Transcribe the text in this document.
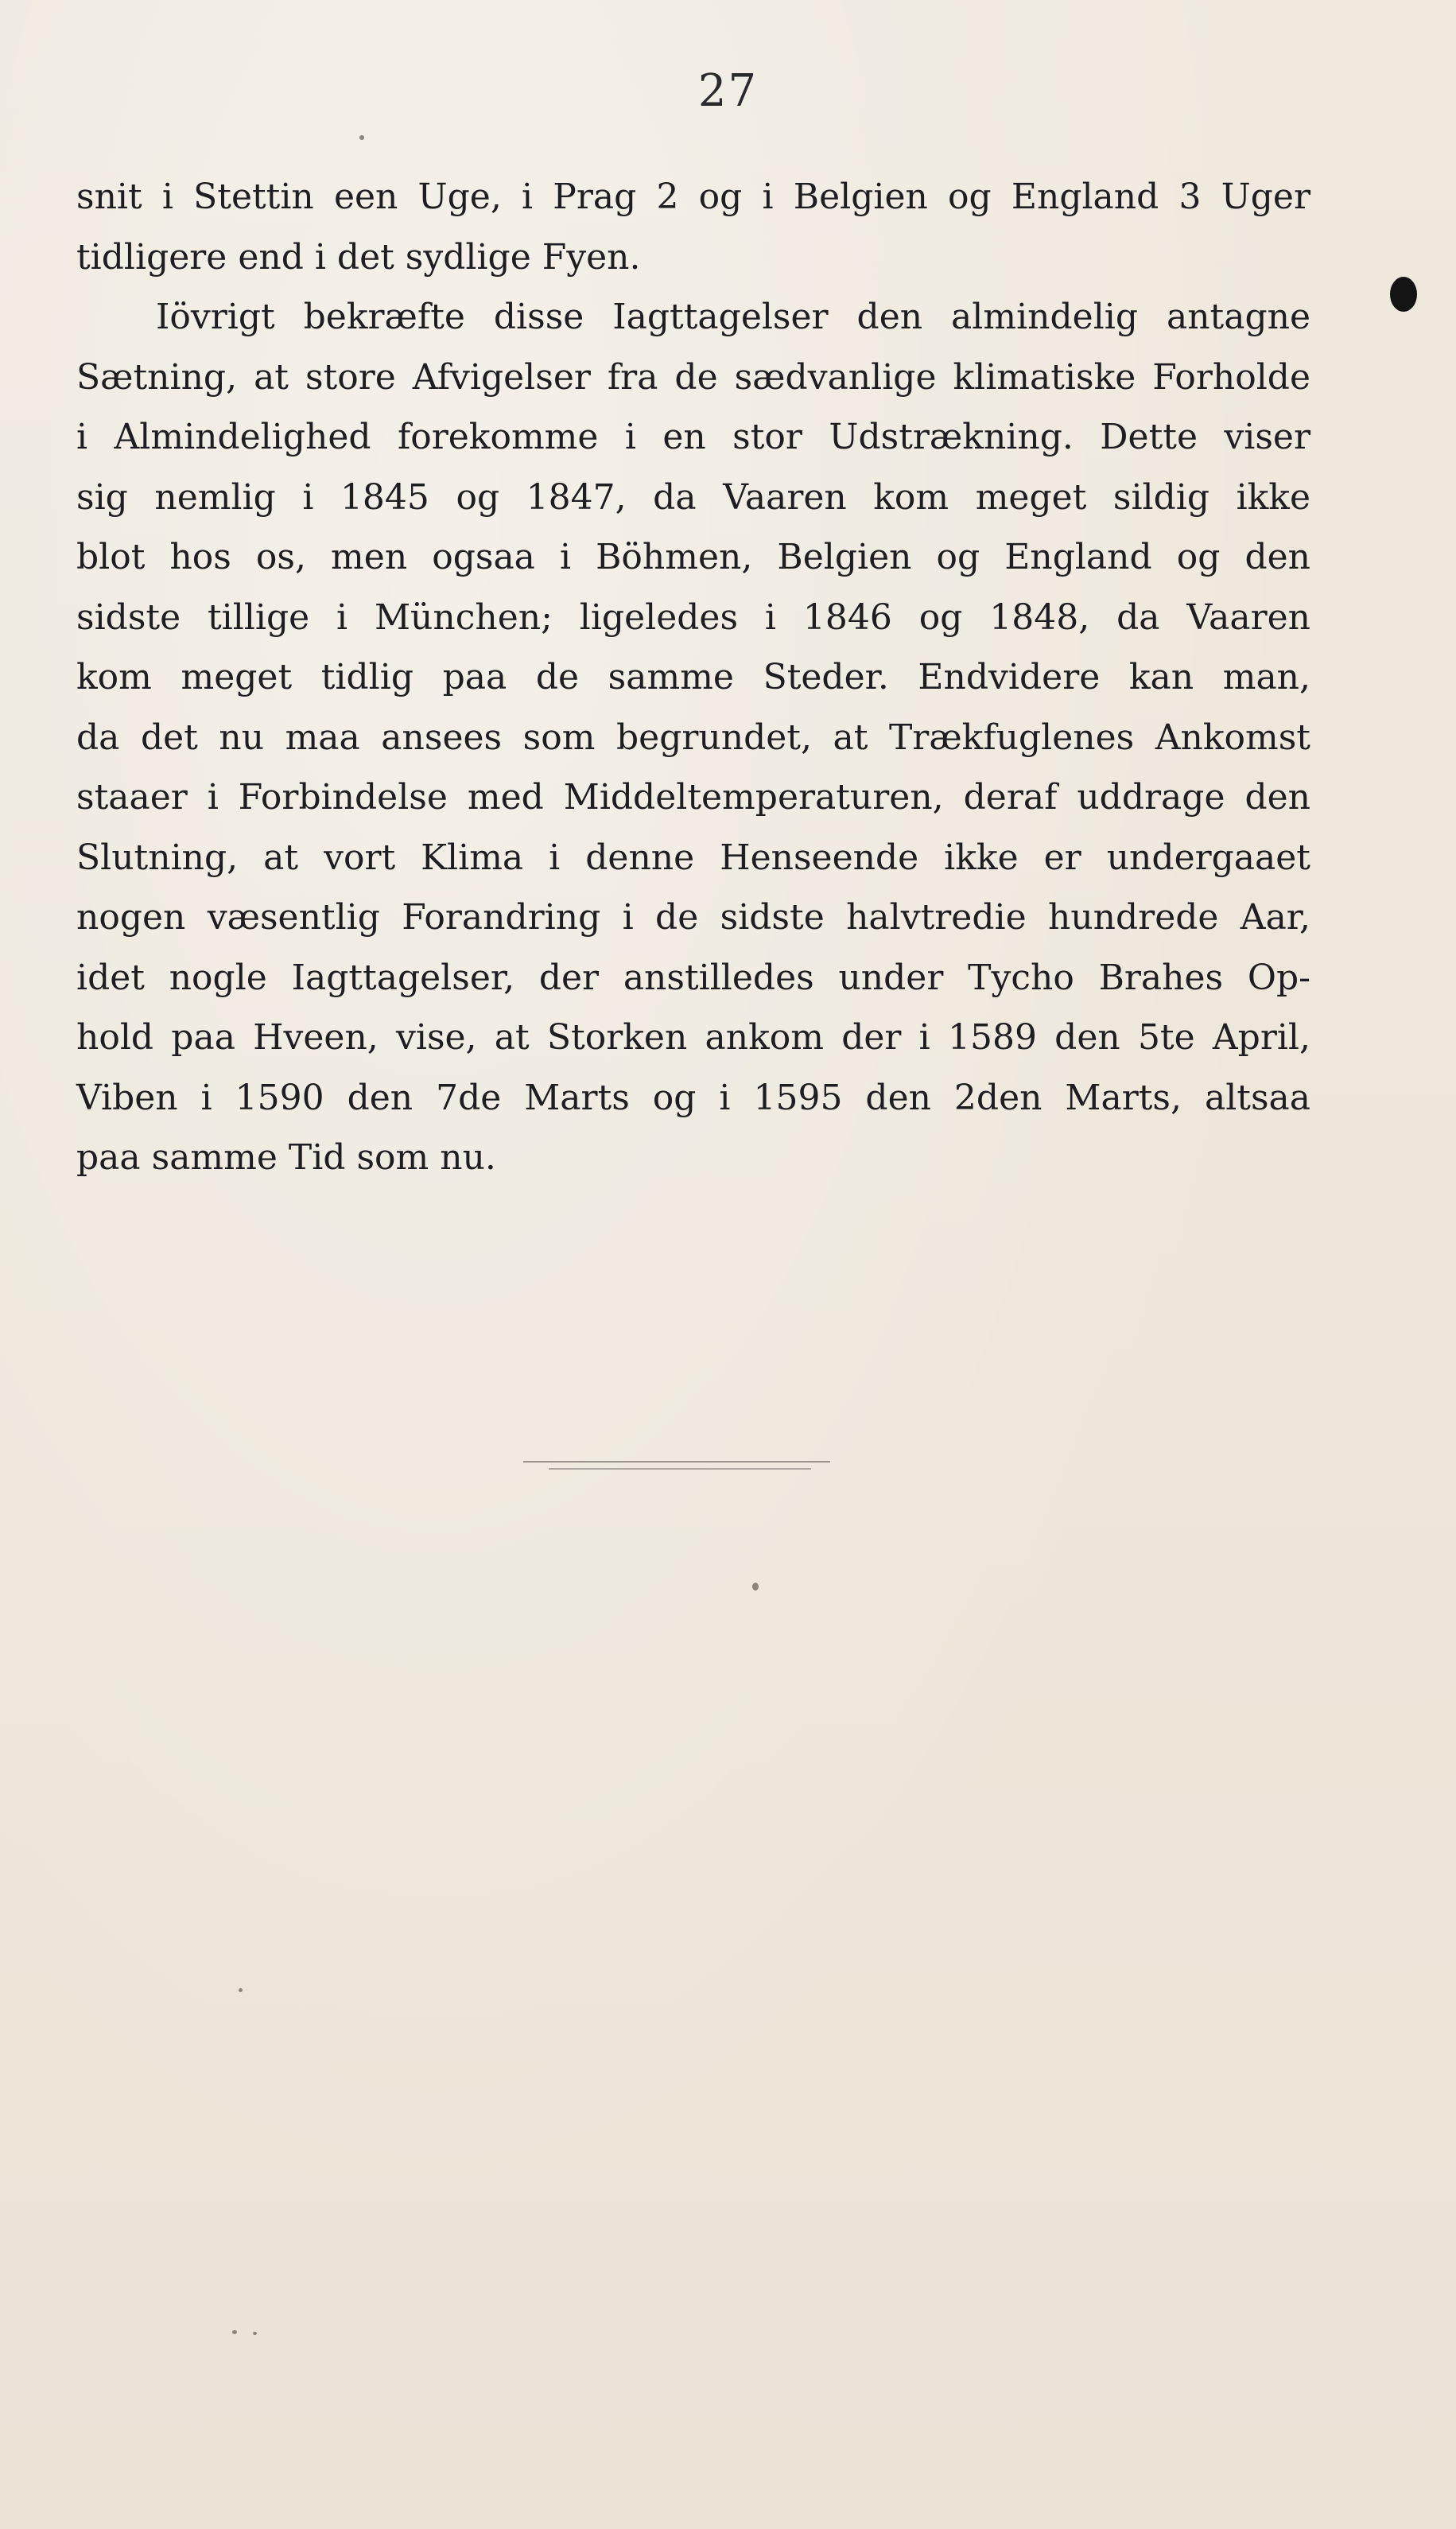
27
snit i Stettin een Uge, i Prag 2 og i Belgien og England 3 Uger
tidligere end i det sydlige Fyen.
Iövrigt bekræfte disse Iagttagelser den almindelig antagne
Sætning, at store Afvigelser fra de sædvanlige klimatiske Forholde
i Almindelighed forekomme i en stor Udstrækning. Dette viser
sig nemlig i 1845 og 1847, da Vaaren kom meget sildig ikke
blot hos os, men ogsaa i Böhmen, Belgien og England og den
sidste tillige i München; ligeledes i 1846 og 1848, da Vaaren
kom meget tidlig paa de samme Steder. Endvidere kan man,
da det nu maa ansees som begrundet, at Trækfuglenes Ankomst
staaer i Forbindelse med Middeltemperaturen, deraf uddrage den
Slutning, at vort Klima i denne Henseende ikke er undergaaet
nogen væsentlig Forandring i de sidste halvtredie hundrede Aar,
idet nogle Iagttagelser, der anstilledes under Tycho Brahes Op-
hold paa Hveen, vise, at Storken ankom der i 1589 den 5te April,
Viben i 1590 den 7de Marts og i 1595 den 2den Marts, altsaa
paa samme Tid som nu.
